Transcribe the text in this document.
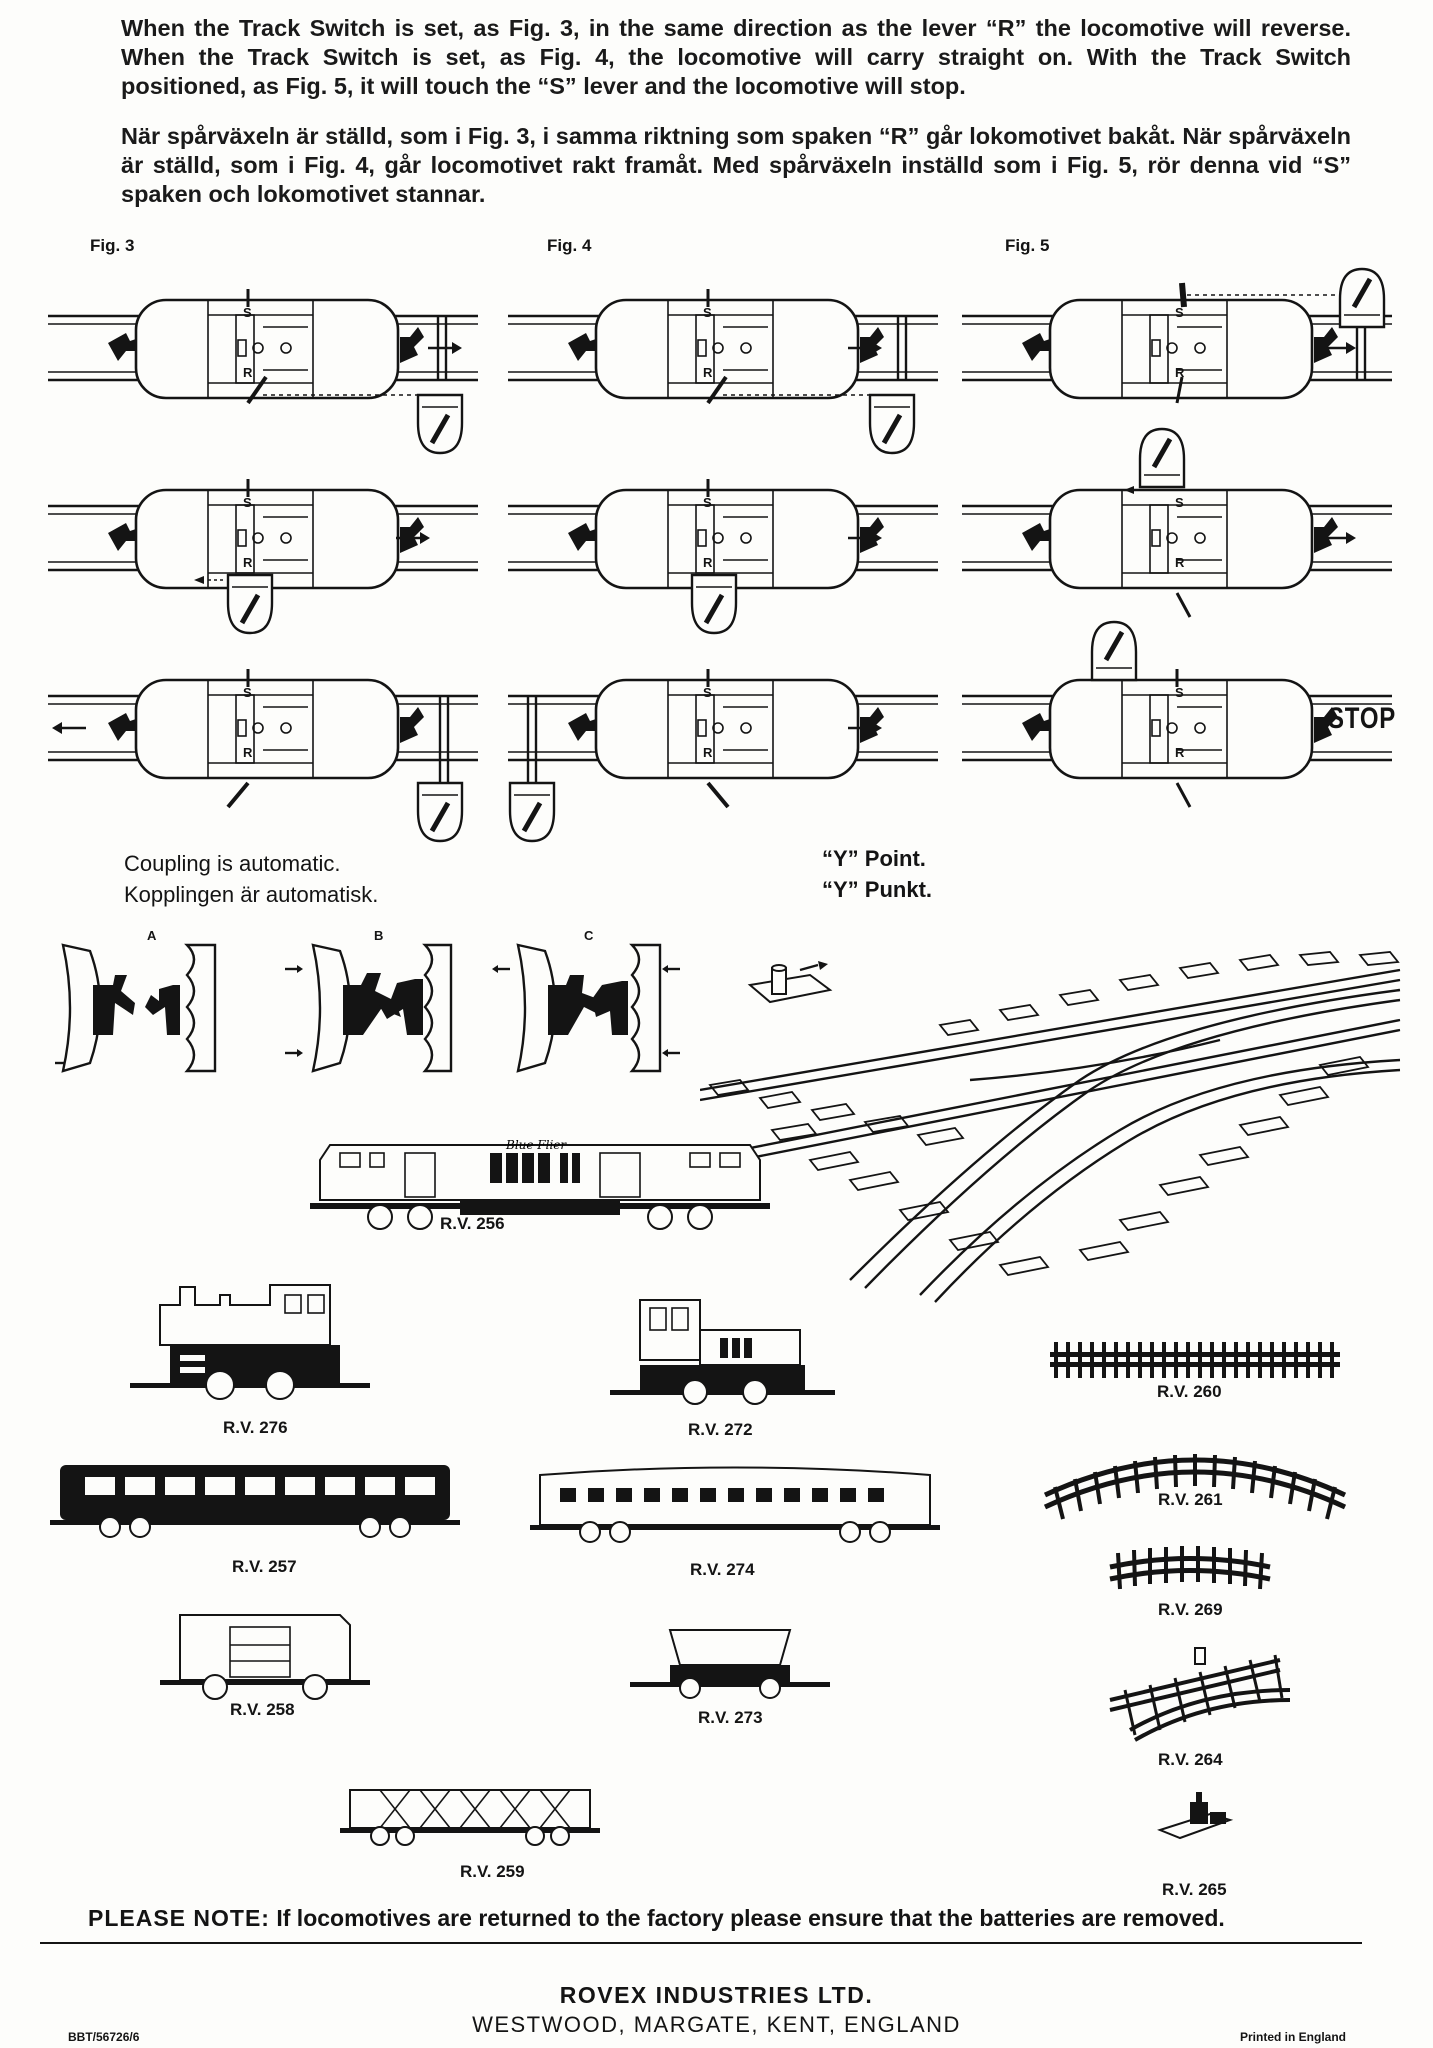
When the Track Switch is set, as Fig. 3, in the same direction as the lever “R” the locomotive will reverse. When the Track Switch is set, as Fig. 4, the locomotive will carry straight on. With the Track Switch positioned, as Fig. 5, it will touch the “S” lever and the locomotive will stop.
När spårväxeln är ställd, som i Fig. 3, i samma riktning som spaken “R” går lokomotivet bakåt. När spårväxeln är ställd, som i Fig. 4, går locomotivet rakt framåt. Med spårväxeln inställd som i Fig. 5, rör denna vid “S” spaken och lokomotivet stannar.
Fig. 3	Fig. 4	Fig. 5
STOP
S
R
S
R
S
R
S
R
S
R
S
R
S
R
S
R
S
R
Coupling is automatic.
Kopplingen är automatisk.
“Y” Point.
“Y” Punkt.
A	B	C
Blue Flier
R.V. 256
R.V. 276	R.V. 272
R.V. 257	R.V. 274
R.V. 258	R.V. 273
R.V. 259
R.V. 260
R.V. 261
R.V. 269
R.V. 264
R.V. 265
PLEASE NOTE: If locomotives are returned to the factory please ensure that the batteries are removed.
ROVEX INDUSTRIES LTD.
WESTWOOD, MARGATE, KENT, ENGLAND
BBT/56726/6	Printed in England
